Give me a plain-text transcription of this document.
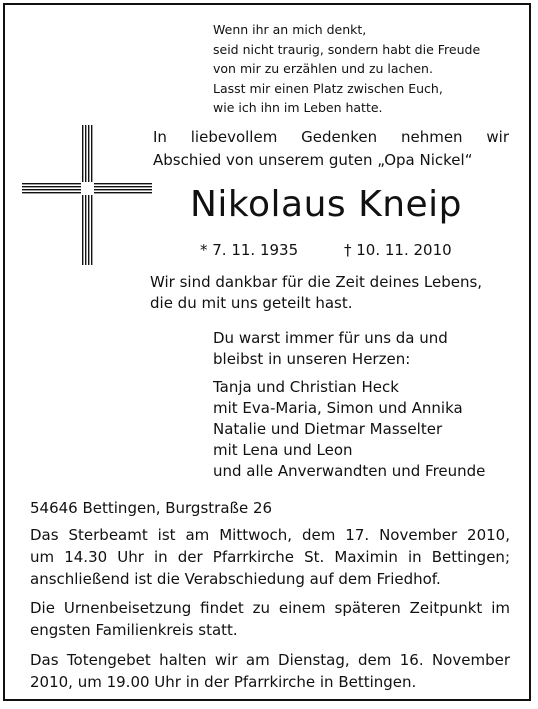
Wenn ihr an mich denkt,
seid nicht traurig, sondern habt die Freude
von mir zu erzählen und zu lachen.
Lasst mir einen Platz zwischen Euch,
wie ich ihn im Leben hatte.
In liebevollem Gedenken nehmen wir
Abschied von unserem guten „Opa Nickel“
Nikolaus Kneip
* 7. 11. 1935	† 10. 11. 2010
Wir sind dankbar für die Zeit deines Lebens,
die du mit uns geteilt hast.
Du warst immer für uns da und
bleibst in unseren Herzen:
Tanja und Christian Heck
mit Eva-Maria, Simon und Annika
Natalie und Dietmar Masselter
mit Lena und Leon
und alle Anverwandten und Freunde
54646 Bettingen, Burgstraße 26
Das Sterbeamt ist am Mittwoch, dem 17. November 2010,
um 14.30 Uhr in der Pfarrkirche St. Maximin in Bettingen;
anschließend ist die Verabschiedung auf dem Friedhof.
Die Urnenbeisetzung findet zu einem späteren Zeitpunkt im
engsten Familienkreis statt.
Das Totengebet halten wir am Dienstag, dem 16. November
2010, um 19.00 Uhr in der Pfarrkirche in Bettingen.
